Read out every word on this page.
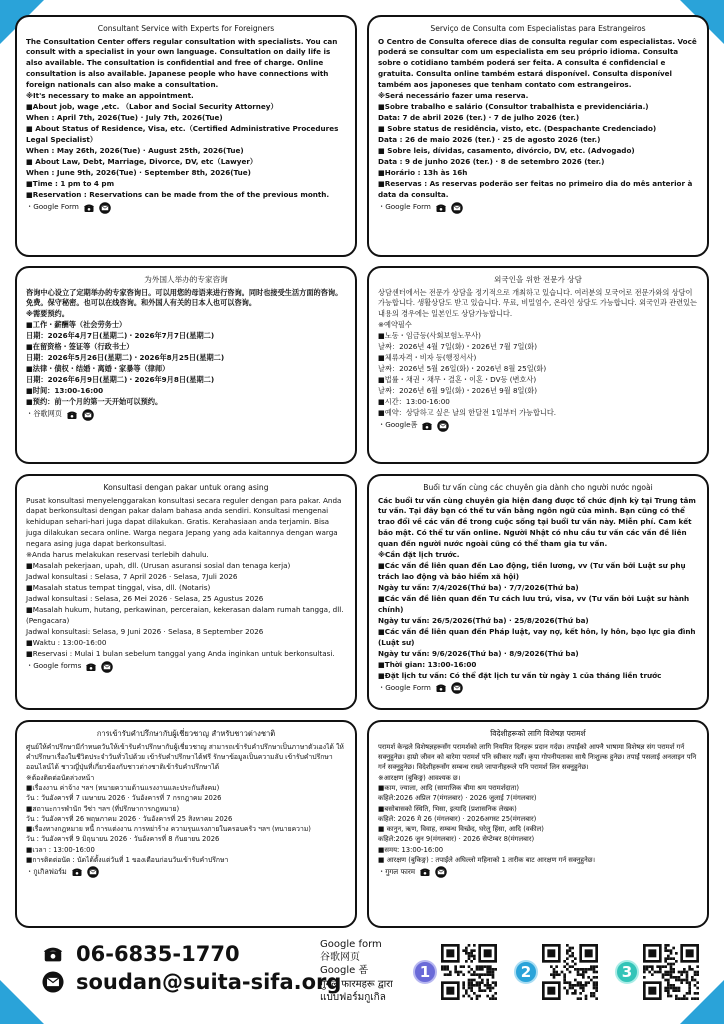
Consultant Service with Experts for Foreigners
The Consultation Center offers regular consultation with specialists. You can consult with a specialist in your own language. Consultation on daily life is also available. The consultation is confidential and free of charge. Online consultation is also available. Japanese people who have connections with foreign nationals can also make a consultation.
※It's necessary to make an appointment.
■About job, wage ,etc. （Labor and Social Security Attorney）
When : April 7th, 2026(Tue) · July 7th, 2026(Tue)
■ About Status of Residence, Visa, etc.（Certified Administrative Procedures Legal Specialist）
When : May 26th, 2026(Tue) · August 25th, 2026(Tue)
■ About Law, Debt, Marriage, Divorce, DV, etc（Lawyer）
When : June 9th, 2026(Tue) · September 8th, 2026(Tue)
■Time : 1 pm to 4 pm
■Reservation : Reservations can be made from the of the previous month.
・Google Form
Serviço de Consulta com Especialistas para Estrangeiros
O Centro de Consulta oferece dias de consulta regular com especialistas. Você poderá se consultar com um especialista em seu próprio idioma. Consulta sobre o cotidiano também poderá ser feita. A consulta é confidencial e gratuita. Consulta online também estará disponível. Consulta disponível também aos japoneses que tenham contato com estrangeiros.
※Será necessário fazer uma reserva.
■Sobre trabalho e salário (Consultor trabalhista e previdenciária.)
Data: 7 de abril 2026 (ter.) · 7 de julho 2026 (ter.)
■ Sobre status de residência, visto, etc. (Despachante Credenciado)
Data : 26 de maio 2026 (ter.) · 25 de agosto 2026 (ter.)
■ Sobre leis, dívidas, casamento, divórcio, DV, etc. (Advogado)
Data : 9 de junho 2026 (ter.) · 8 de setembro 2026 (ter.)
■Horário : 13h às 16h
■Reservas : As reservas poderão ser feitas no primeiro dia do mês anterior à data da consulta.
・Google Form
为外国人举办的专家咨询
咨询中心设立了定期举办的专家咨询日。可以用您的母语来进行咨询。同时也接受生活方面的咨询。免费。保守秘密。也可以在线咨询。和外国人有关的日本人也可以咨询。
※需要预约。
■工作・薪酬等（社会劳务士）
日期：2026年4月7日(星期二)・2026年7月7日(星期二)
■在留资格・签证等（行政书士）
日期：2026年5月26日(星期二)・2026年8月25日(星期二)
■法律・债权・结婚・离婚・家暴等（律师）
日期：2026年6月9日(星期二)・2026年9月8日(星期二)
■时间：13:00-16:00
■预约：前一个月的第一天开始可以预约。
・谷歌网页
외국인을 위한 전문가 상담
상담센터에서는 전문가 상담을 정기적으로 개최하고 있습니다. 여러분의 모국어로 전문가와의 상담이 가능합니다. 생활상담도 받고 있습니다. 무료, 비밀엄수, 온라인 상담도 가능합니다. 외국인과 관련있는 내용의 경우에는 일본인도 상담가능합니다.
※예약필수
■노동・임금등(사회보험노무사)
날짜：2026년 4월 7일(화)・2026년 7월 7일(화)
■체류자격・비자 등(행정서사)
날짜：2026년 5월 26일(화)・2026년 8월 25일(화)
■법률・채권・채무・결혼・이혼・DV등 (변호사)
날짜：2026년 6월 9일(화)・2026년 9월 8일(화)
■시간：13:00-16:00
■예약：상담하고 싶은 날의 한달전 1일부터 가능합니다.
・Google폼
Konsultasi dengan pakar untuk orang asing
Pusat konsultasi menyelenggarakan konsultasi secara reguler dengan para pakar. Anda dapat berkonsultasi dengan pakar dalam bahasa anda sendiri. Konsultasi mengenai kehidupan sehari-hari juga dapat dilakukan. Gratis. Kerahasiaan anda terjamin. Bisa juga dilakukan secara online. Warga negara Jepang yang ada kaitannya dengan warga negara asing juga dapat berkonsultasi.
※Anda harus melakukan reservasi terlebih dahulu.
■Masalah pekerjaan, upah, dll. (Urusan asuransi sosial dan tenaga kerja)
Jadwal konsultasi : Selasa, 7 April 2026 · Selasa, 7Juli 2026
■Masalah status tempat tinggal, visa, dll. (Notaris)
Jadwal konsultasi : Selasa, 26 Mei 2026 · Selasa, 25 Agustus 2026
■Masalah hukum, hutang, perkawinan, perceraian, kekerasan dalam rumah tangga, dll. (Pengacara)
Jadwal konsultasi: Selasa, 9 Juni 2026 · Selasa, 8 September 2026
■Waktu : 13:00-16:00
■Reservasi : Mulai 1 bulan sebelum tanggal yang Anda inginkan untuk berkonsultasi.
・Google forms
Buổi tư vấn cùng các chuyên gia dành cho người nước ngoài
Các buổi tư vấn cùng chuyên gia hiện đang được tổ chức định kỳ tại Trung tâm tư vấn. Tại đây bạn có thể tư vấn bằng ngôn ngữ của mình. Bạn cũng có thể trao đổi về các vấn đề trong cuộc sống tại buổi tư vấn này. Miễn phí. Cam kết bảo mật. Có thể tư vấn online. Người Nhật có nhu cầu tư vấn các vấn đề liên quan đến người nước ngoài cũng có thể tham gia tư vấn.
※Cần đặt lịch trước.
■Các vấn đề liên quan đến Lao động, tiền lương, vv (Tư vấn bởi Luật sư phụ trách lao động và bảo hiểm xã hội)
Ngày tư vấn: 7/4/2026(Thứ ba) · 7/7/2026(Thứ ba)
■Các vấn đề liên quan đến Tư cách lưu trú, visa, vv (Tư vấn bởi Luật sư hành chính)
Ngày tư vấn: 26/5/2026(Thứ ba) · 25/8/2026(Thứ ba)
■Các vấn đề liên quan đến Pháp luật, vay nợ, kết hôn, ly hôn, bạo lực gia đình (Luật sư)
Ngày tư vấn: 9/6/2026(Thứ ba) · 8/9/2026(Thứ ba)
■Thời gian: 13:00-16:00
■Đặt lịch tư vấn: Có thể đặt lịch tư vấn từ ngày 1 của tháng liền trước
・Google Form
การเข้ารับคำปรึกษากับผู้เชี่ยวชาญ สำหรับชาวต่างชาติ
ศูนย์ให้คำปรึกษามีกำหนดวันให้เข้ารับคำปรึกษากับผู้เชี่ยวชาญ สามารถเข้ารับคำปรึกษาเป็นภาษาตัวเองได้ ให้คำปรึกษาเรื่องในชีวิตประจำวันทั่วไปด้วย เข้ารับคำปรึกษาได้ฟรี รักษาข้อมูลเป็นความลับ เข้ารับคำปรึกษาออนไลน์ได้ ชาวญี่ปุ่นที่เกี่ยวข้องกับชาวต่างชาติเข้ารับคำปรึกษาได้
※ต้องติดต่อนัดล่วงหน้า
■เรื่องงาน ค่าจ้าง ฯลฯ (ทนายความด้านแรงงานและประกันสังคม)
วัน : วันอังคารที่ 7 เมษายน 2026 · วันอังคารที่ 7 กรกฎาคม 2026
■สถานะการพำนัก วีซ่า ฯลฯ (ที่ปรึกษาการกฎหมาย)
วัน : วันอังคารที่ 26 พฤษภาคม 2026 · วันอังคารที่ 25 สิงหาคม 2026
■เรื่องทางกฎหมาย หนี้ การแต่งงาน การหย่าร้าง ความรุนแรงภายในครอบครัว ฯลฯ (ทนายความ)
วัน : วันอังคารที่ 9 มิถุนายน 2026 · วันอังคารที่ 8 กันยายน 2026
■เวลา : 13:00-16:00
■การติดต่อนัด : นัดได้ตั้งแต่วันที่ 1 ของเดือนก่อนวันเข้ารับคำปรึกษา
・กูเกิลฟอร์ม
विदेशीहरूको लागि विशेषज्ञ परामर्श
परामर्श केन्द्रले विशेषज्ञहरूसँग परामर्शको लागि नियमित दिनहरू प्रदान गर्दछ। तपाईंको आफ्नै भाषामा विशेषज्ञ संग परामर्श गर्न सक्नुहुनेछ। हाम्रो जीवन को बारेमा परामर्श पनि स्वीकार गर्छौं। कृपा गोपनीयताका साथै निःशुल्क हुनेछ। तपाईं पसलाई अनलाइन पनि गर्न सक्नुहुनेछ। विदेशीहरूसँग सम्बन्ध राख्ने जापानीहरूले पनि परामर्श लिन सक्नुहुनेछ।
※आरक्षण (बुकिङ्ग) आवश्यक छ।
■काम, ज्याला, आदि (सामाजिक बीमा श्रम परामर्शदाता)
कहिले:2026 अप्रिल 7(मंगलबार) · 2026 जुलाई 7(मंगलबार)
■बसोबासको स्थिति, भिसा, इत्यादि (प्रशासनिक लेखक)
कहिले: 2026 मे 26 (मंगलबार) · 2026अगस्ट 25(मंगलबार)
■ कानुन, ऋण, विवाह, सम्बन्ध विच्छेद, घरेलु हिंसा, आदि (वकील)
कहिले:2026 जुन 9(मंगलबार) · 2026 सेप्टेम्बर 8(मंगलबार)
■समय: 13:00-16:00
■ आरक्षण (बुकिङ्ग) : तपाईंले अघिल्लो महिनाको 1 तारीक बाट आरक्षण गर्न सक्नुहुनेछ।
・गुगल फारम
06-6835-1770
soudan@suita-sifa.org
Google form
谷歌网页
Google 폼
गुगल फारमहरू द्वारा
แบบฟอร์มกูเกิล
1	2	3
